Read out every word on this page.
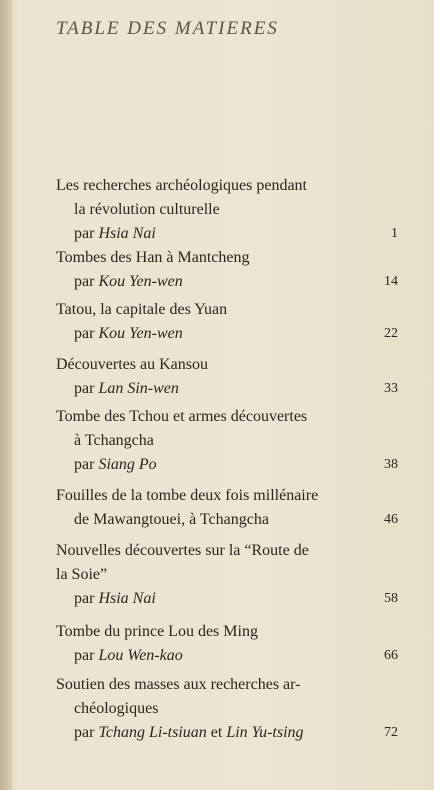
TABLE DES MATIERES
Les recherches archéologiques pendant
la révolution culturelle
par Hsia Nai	1
Tombes des Han à Mantcheng
par Kou Yen-wen	14
Tatou, la capitale des Yuan
par Kou Yen-wen	22
Découvertes au Kansou
par Lan Sin-wen	33
Tombe des Tchou et armes découvertes
à Tchangcha
par Siang Po	38
Fouilles de la tombe deux fois millénaire
de Mawangtouei, à Tchangcha	46
Nouvelles découvertes sur la “Route de
la Soie”
par Hsia Nai	58
Tombe du prince Lou des Ming
par Lou Wen-kao	66
Soutien des masses aux recherches ar-
chéologiques
par Tchang Li-tsiuan et Lin Yu-tsing	72
